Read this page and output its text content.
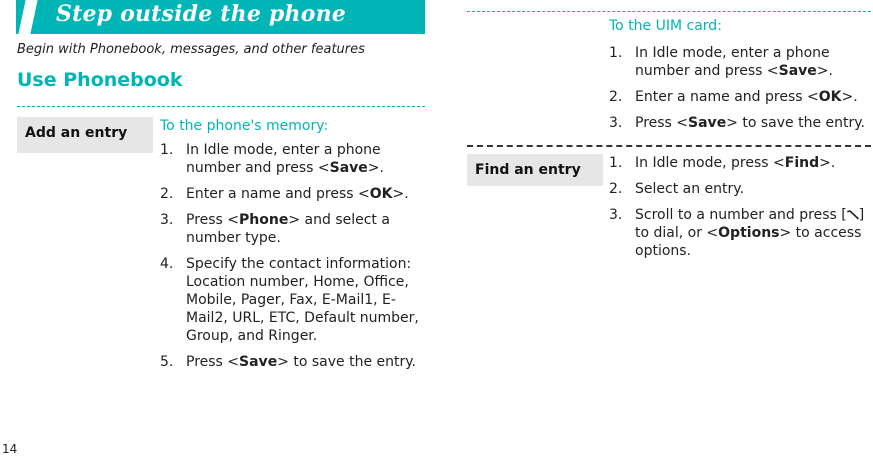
Step outside the phone
Begin with Phonebook, messages, and other features
Use Phonebook
Add an entry	To the phone's memory:
1. In Idle mode, enter a phone number and press <Save>.
2. Enter a name and press <OK>.
3. Press <Phone> and select a number type.
4. Specify the contact information: Location number, Home, Office, Mobile, Pager, Fax, E-Mail1, E-Mail2, URL, ETC, Default number, Group, and Ringer.
5. Press <Save> to save the entry.
To the UIM card:
1. In Idle mode, enter a phone number and press <Save>.
2. Enter a name and press <OK>.
3. Press <Save> to save the entry.
Find an entry	1. In Idle mode, press <Find>.
2. Select an entry.
3. Scroll to a number and press [ ] to dial, or <Options> to access options.
14
